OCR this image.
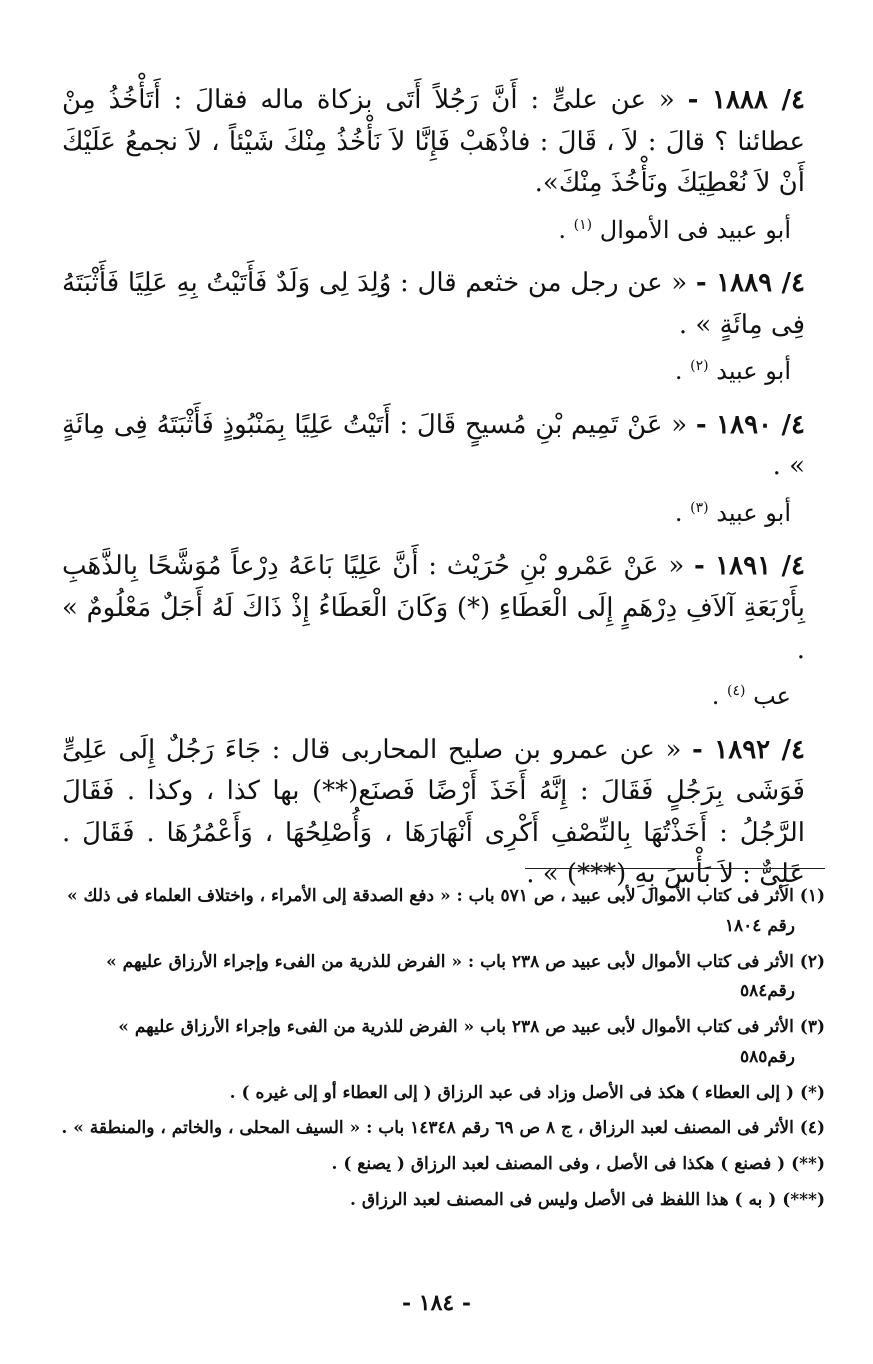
٤/ ١٨٨٨ - « عن علىٍّ : أَنَّ رَجُلاً أَتَى بزكاة ماله فقالَ : أَتَأْخُذُ مِنْ عطائنا ؟ قالَ : لاَ ، قَالَ : فاذْهَبْ فَإِنَّا لاَ نَأْخُذُ مِنْكَ شَيْئاً ، لاَ نجمعُ عَلَيْكَ أَنْ لاَ نُعْطِيَكَ ونَأْخُذَ مِنْكَ».

أبو عبيد فى الأموال $^{(١)}$ .

٤/ ١٨٨٩ - « عن رجل من خثعم قال : وُلِدَ لِى وَلَدٌ فَأَتَيْتُ بِهِ عَلِيًا فَأَثْبَتَهُ فِى مِائَةٍ » .

أبو عبيد $^{(٢)}$ .

٤/ ١٨٩٠ - « عَنْ تَمِيم بْنِ مُسيحٍ قَالَ : أَتَيْتُ عَلِيًا بِمَنْبُوذٍ فَأَثْبَتَهُ فِى مِائَةٍ » .

أبو عبيد $^{(٣)}$ .

٤/ ١٨٩١ - « عَنْ عَمْرو بْنِ حُرَيْث : أَنَّ عَلِيًا بَاعَهُ دِرْعاً مُوَشَّحًا بِالذَّهَبِ بِأَرْبَعَةِ آلاَفِ دِرْهَمٍ إِلَى الْعَطَاءِ (*) وَكَانَ الْعَطَاءُ إِذْ ذَاكَ لَهُ أَجَلٌ مَعْلُومٌ » .

عب $^{(٤)}$ .

٤/ ١٨٩٢ - « عن عمرو بن صليح المحاربى قال : جَاءَ رَجُلٌ إِلَى عَلِىٍّ فَوَشَى بِرَجُلٍ فَقَالَ : إِنَّهُ أَخَذَ أَرْضًا فَصنَع(**) بها كذا ، وكذا . فَقَالَ الرَّجُلُ : أَخَذْتُهَا بِالنِّصْفِ أَكْرِى أَنْهَارَهَا ، وَأُصْلِحُهَا ، وَأَعْمُرُهَا . فَقَالَ . عَلِىٌّ : لاَ بَأْسَ بِهِ (***) » .

(١) الأثر فى كتاب الأموال لأبى عبيد ، ص ٥٧١ باب : « دفع الصدقة إلى الأمراء ، واختلاف العلماء فى ذلك »
رقم ١٨٠٤
(٢) الأثر فى كتاب الأموال لأبى عبيد ص ٢٣٨ باب : « الفرض للذرية من الفىء وإجراء الأرزاق عليهم »
رقم٥٨٤
(٣) الأثر فى كتاب الأموال لأبى عبيد ص ٢٣٨ باب « الفرض للذرية من الفىء وإجراء الأرزاق عليهم »
رقم٥٨٥
(*) ( إلى العطاء ) هكذ فى الأصل وزاد فى عبد الرزاق ( إلى العطاء أو إلى غيره ) .
(٤) الأثر فى المصنف لعبد الرزاق ، ج ٨ ص ٦٩ رقم ١٤٣٤٨ باب : « السيف المحلى ، والخاتم ، والمنطقة » .
(**) ( فصنع ) هكذا فى الأصل ، وفى المصنف لعبد الرزاق ( يصنع ) .
(***) ( به ) هذا اللفظ فى الأصل وليس فى المصنف لعبد الرزاق .
- ١٨٤ -
